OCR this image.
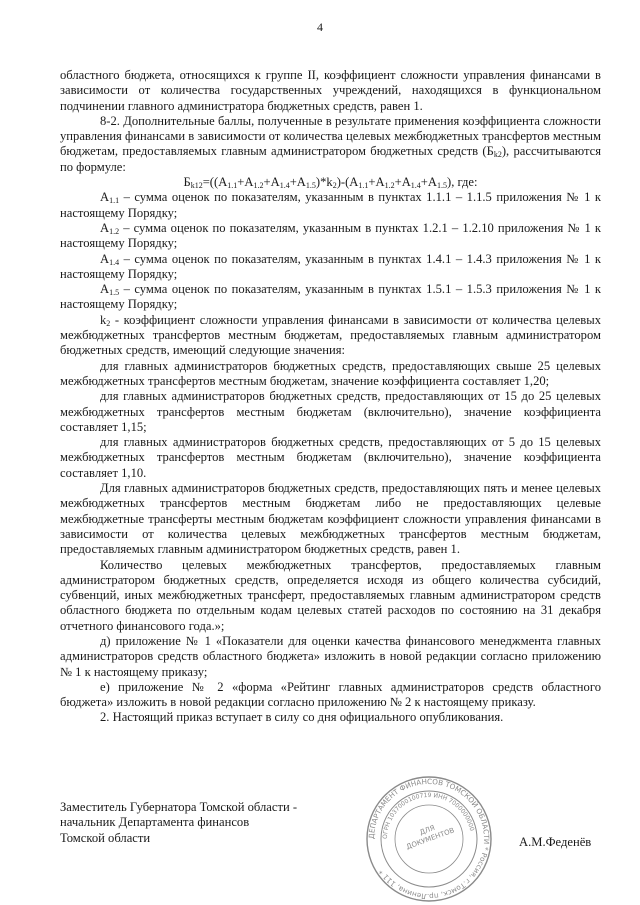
4

областного бюджета, относящихся к группе II, коэффициент сложности управления финансами в зависимости от количества государственных учреждений, находящихся в функциональном подчинении главного администратора бюджетных средств, равен 1.

8-2. Дополнительные баллы, полученные в результате применения коэффициента сложности управления финансами в зависимости от количества целевых межбюджетных трансфертов местным бюджетам, предоставляемых главным администратором бюджетных средств $(Б_{k2})$, рассчитываются по формуле:

$Б_{k12}=((A_{1.1}+A_{1.2}+A_{1.4}+A_{1.5})*k_2)-(A_{1.1}+A_{1.2}+A_{1.4}+A_{1.5})$, где:

$A_{1.1}$ – сумма оценок по показателям, указанным в пунктах 1.1.1 – 1.1.5 приложения № 1 к настоящему Порядку;

$A_{1.2}$ – сумма оценок по показателям, указанным в пунктах 1.2.1 – 1.2.10 приложения № 1 к настоящему Порядку;

$A_{1.4}$ – сумма оценок по показателям, указанным в пунктах 1.4.1 – 1.4.3 приложения № 1 к настоящему Порядку;

$A_{1.5}$ – сумма оценок по показателям, указанным в пунктах 1.5.1 – 1.5.3 приложения № 1 к настоящему Порядку;

$k_2$ - коэффициент сложности управления финансами в зависимости от количества целевых межбюджетных трансфертов местным бюджетам, предоставляемых главным администратором бюджетных средств, имеющий следующие значения:

для главных администраторов бюджетных средств, предоставляющих свыше 25 целевых межбюджетных трансфертов местным бюджетам, значение коэффициента составляет 1,20;

для главных администраторов бюджетных средств, предоставляющих от 15 до 25 целевых межбюджетных трансфертов местным бюджетам (включительно), значение коэффициента составляет 1,15;

для главных администраторов бюджетных средств, предоставляющих от 5 до 15 целевых межбюджетных трансфертов местным бюджетам (включительно), значение коэффициента составляет 1,10.

Для главных администраторов бюджетных средств, предоставляющих пять и менее целевых межбюджетных трансфертов местным бюджетам либо не предоставляющих целевые межбюджетные трансферты местным бюджетам коэффициент сложности управления финансами в зависимости от количества целевых межбюджетных трансфертов местным бюджетам, предоставляемых главным администратором бюджетных средств, равен 1.

Количество целевых межбюджетных трансфертов, предоставляемых главным администратором бюджетных средств, определяется исходя из общего количества субсидий, субвенций, иных межбюджетных трансферт, предоставляемых главным администратором средств областного бюджета по отдельным кодам целевых статей расходов по состоянию на 31 декабря отчетного финансового года.»;

д) приложение № 1 «Показатели для оценки качества финансового менеджмента главных администраторов средств областного бюджета» изложить в новой редакции согласно приложению № 1 к настоящему приказу;

е) приложение № 2 «форма «Рейтинг главных администраторов средств областного бюджета» изложить в новой редакции согласно приложению № 2 к настоящему приказу.

2. Настоящий приказ вступает в силу со дня официального опубликования.

Заместитель Губернатора Томской области -
начальник Департамента финансов
Томской области	ДЕПАРТАМЕНТ ФИНАНСОВ ТОМСКОЙ ОБЛАСТИ * Россия, г.Томск, пр.Ленина, 111 *
ОГРН 1037000100719 ИНН 7000000000
ДЛЯ ДОКУМЕНТОВ	А.М.Феденёв
